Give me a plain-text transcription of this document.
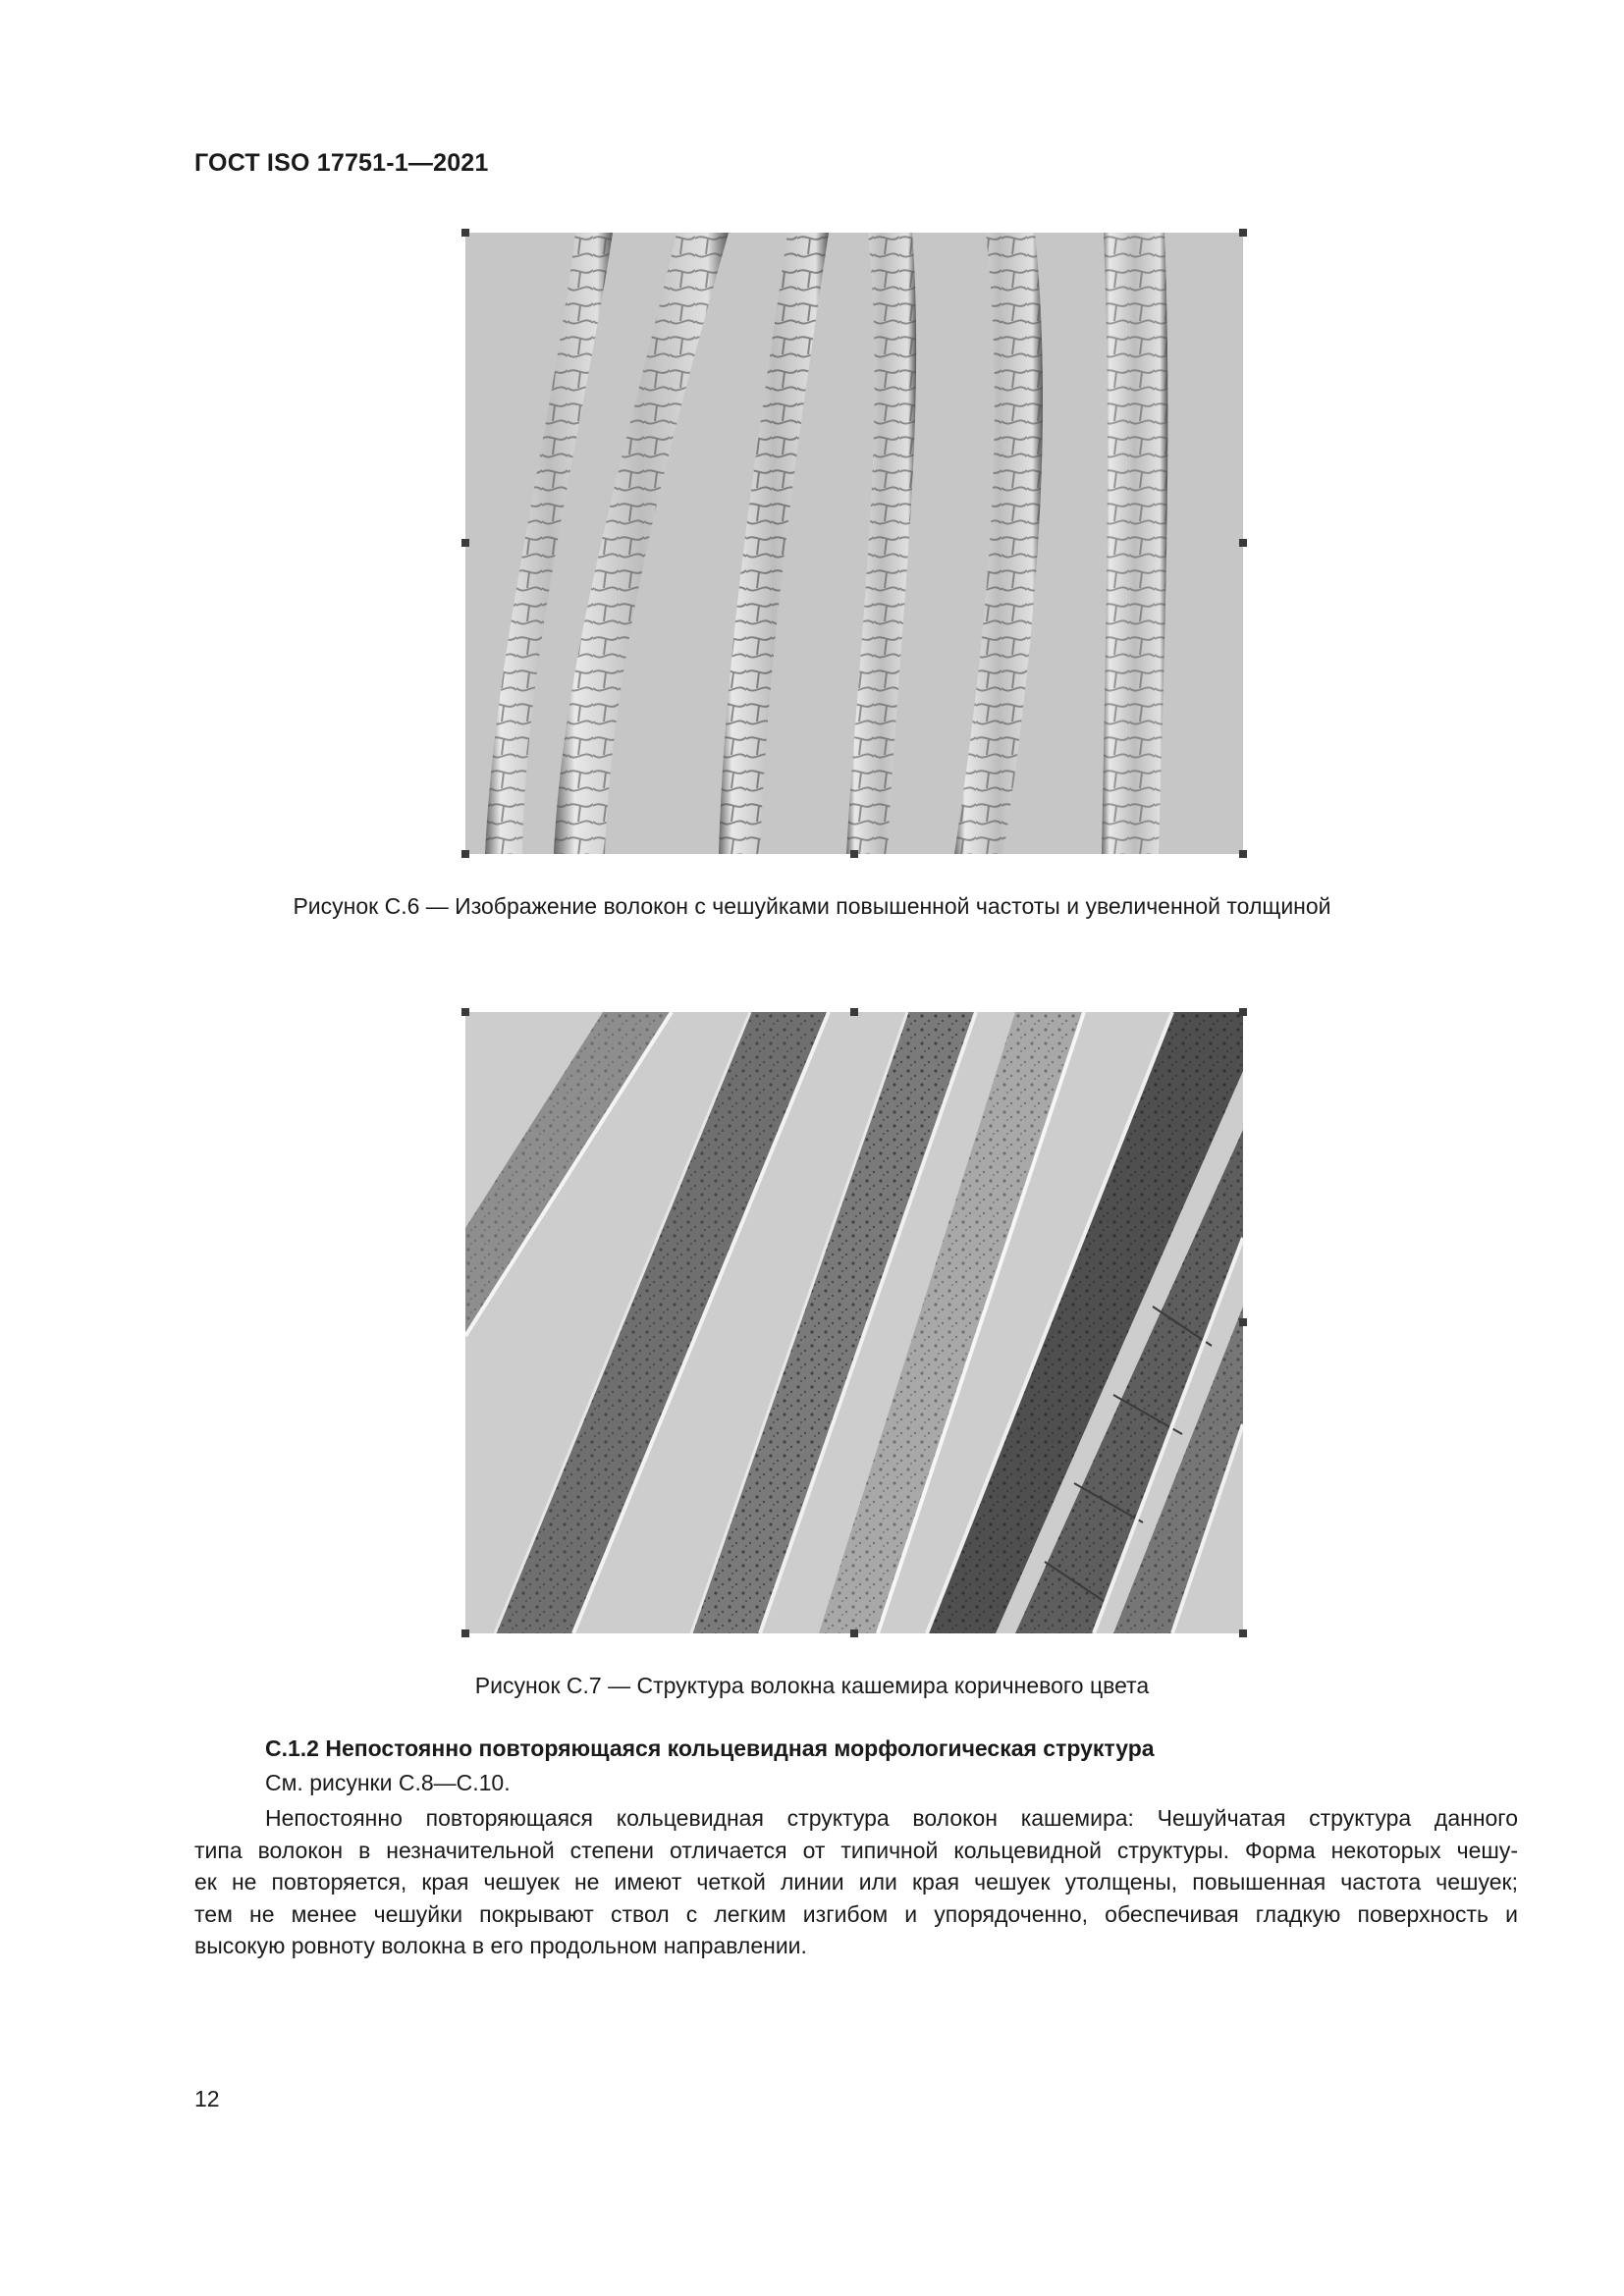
ГОСТ ISO 17751-1—2021
Рисунок С.6 — Изображение волокон с чешуйками повышенной частоты и увеличенной толщиной
Рисунок С.7 — Структура волокна кашемира коричневого цвета
С.1.2 Непостоянно повторяющаяся кольцевидная морфологическая структура
См. рисунки С.8—С.10.
Непостоянно повторяющаяся кольцевидная структура волокон кашемира: Чешуйчатая структура данного
типа волокон в незначительной степени отличается от типичной кольцевидной структуры. Форма некоторых чешу-
ек не повторяется, края чешуек не имеют четкой линии или края чешуек утолщены, повышенная частота чешуек;
тем не менее чешуйки покрывают ствол с легким изгибом и упорядоченно, обеспечивая гладкую поверхность и
высокую ровноту волокна в его продольном направлении.
12
